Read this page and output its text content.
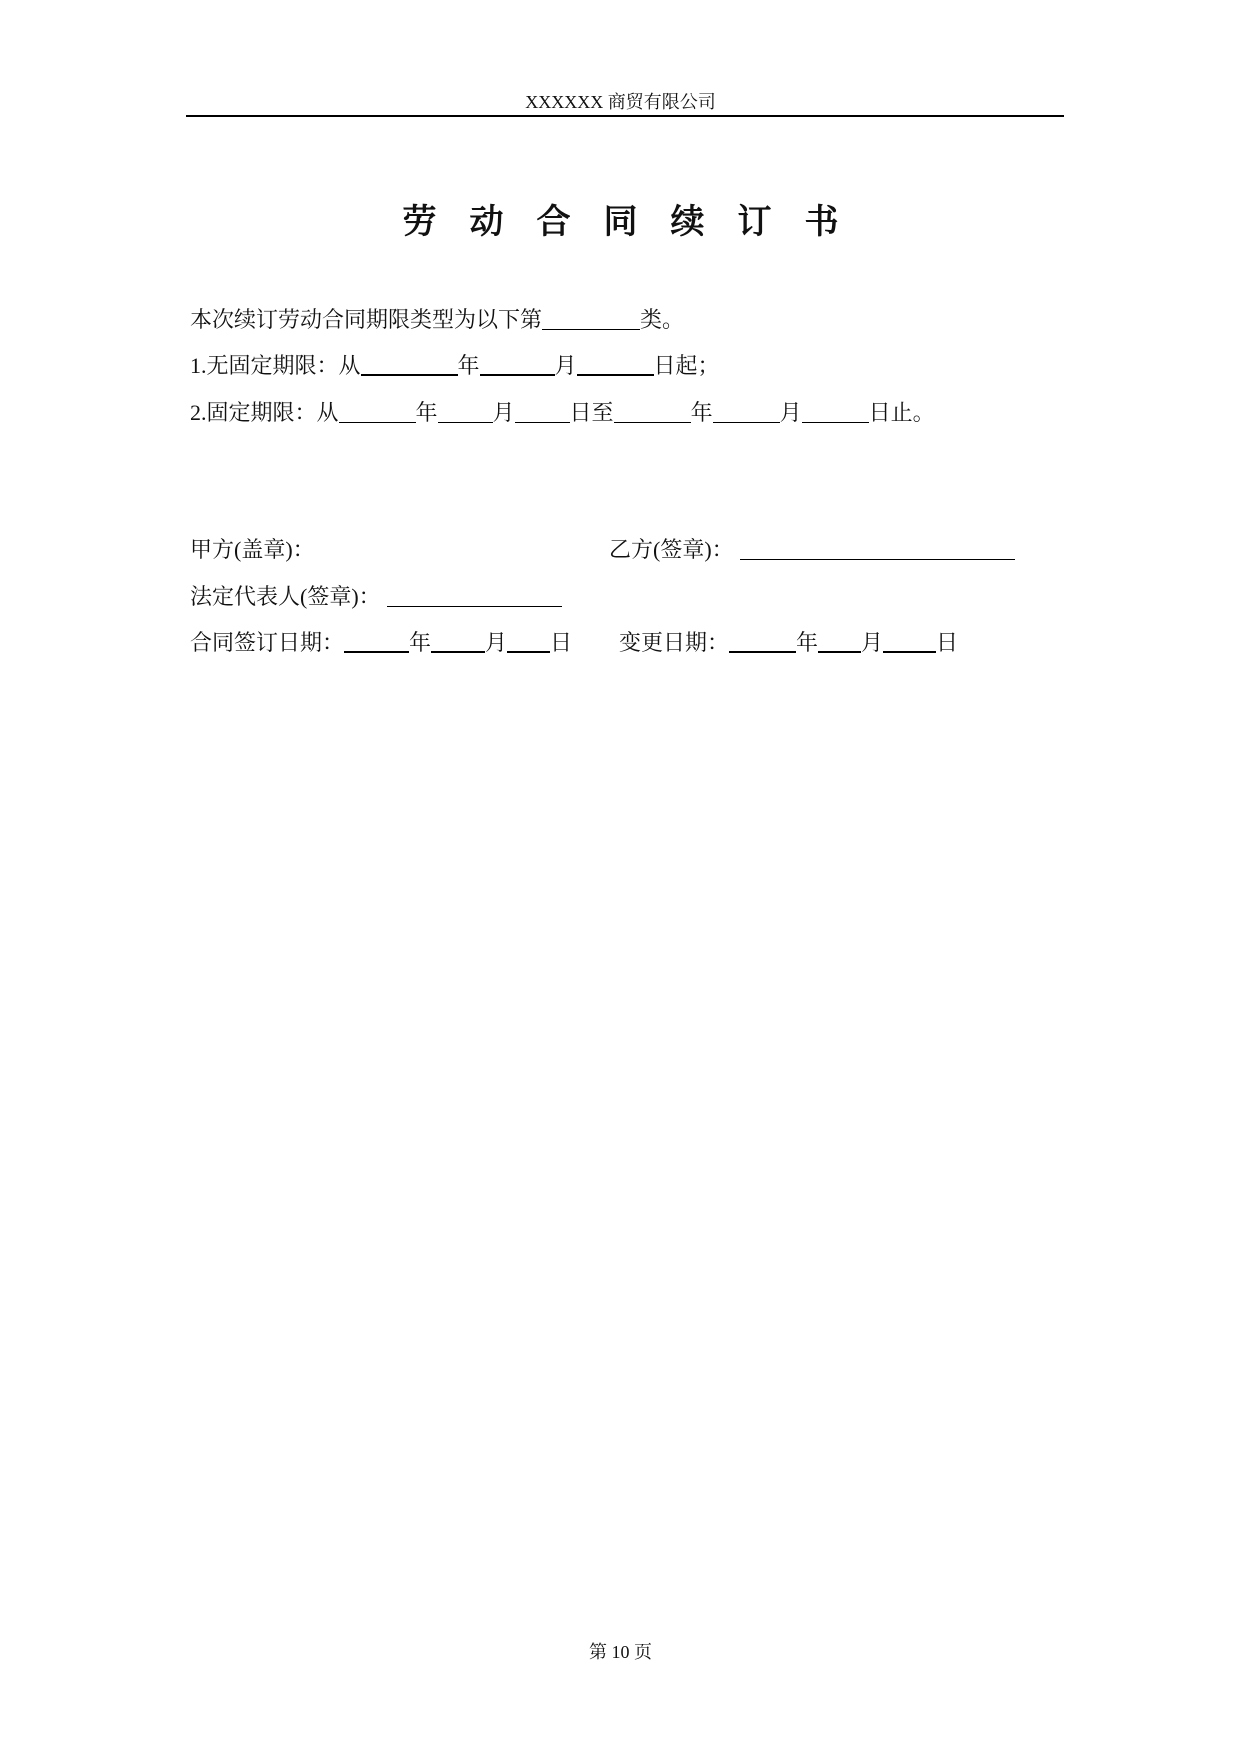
XXXXXX 商贸有限公司
劳动合同续订书
本次续订劳动合同期限类型为以下第	类。
1.无固定期限：从	年	月	日起；
2.固定期限：从	年	月	日至	年	月	日止。
甲方(盖章)：	乙方(签章)：
法定代表人(签章)：
合同签订日期：	年 月 日 变更日期：	年 月 日
第 10 页
